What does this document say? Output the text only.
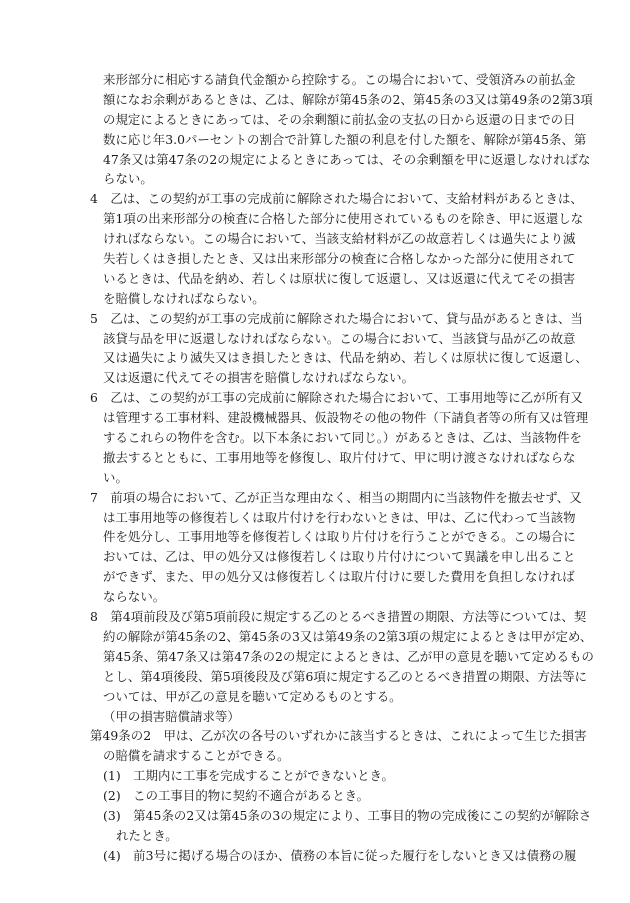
来形部分に相応する請負代金額から控除する。この場合において、受領済みの前払金
額になお余剰があるときは、乙は、解除が第45条の2、第45条の3又は第49条の2第3項
の規定によるときにあっては、その余剰額に前払金の支払の日から返還の日までの日
数に応じ年3.0パーセントの割合で計算した額の利息を付した額を、解除が第45条、第
47条又は第47条の2の規定によるときにあっては、その余剰額を甲に返還しなければな
らない。
4　乙は、この契約が工事の完成前に解除された場合において、支給材料があるときは、
第1項の出来形部分の検査に合格した部分に使用されているものを除き、甲に返還しな
ければならない。この場合において、当該支給材料が乙の故意若しくは過失により滅
失若しくはき損したとき、又は出来形部分の検査に合格しなかった部分に使用されて
いるときは、代品を納め、若しくは原状に復して返還し、又は返還に代えてその損害
を賠償しなければならない。
5　乙は、この契約が工事の完成前に解除された場合において、貸与品があるときは、当
該貸与品を甲に返還しなければならない。この場合において、当該貸与品が乙の故意
又は過失により滅失又はき損したときは、代品を納め、若しくは原状に復して返還し、
又は返還に代えてその損害を賠償しなければならない。
6　乙は、この契約が工事の完成前に解除された場合において、工事用地等に乙が所有又
は管理する工事材料、建設機械器具、仮設物その他の物件（下請負者等の所有又は管理
するこれらの物件を含む。以下本条において同じ。）があるときは、乙は、当該物件を
撤去するとともに、工事用地等を修復し、取片付けて、甲に明け渡さなければならな
い。
7　前項の場合において、乙が正当な理由なく、相当の期間内に当該物件を撤去せず、又
は工事用地等の修復若しくは取片付けを行わないときは、甲は、乙に代わって当該物
件を処分し、工事用地等を修復若しくは取り片付けを行うことができる。この場合に
おいては、乙は、甲の処分又は修復若しくは取り片付けについて異議を申し出ること
ができず、また、甲の処分又は修復若しくは取片付けに要した費用を負担しなければ
ならない。
8　第4項前段及び第5項前段に規定する乙のとるべき措置の期限、方法等については、契
約の解除が第45条の2、第45条の3又は第49条の2第3項の規定によるときは甲が定め、
第45条、第47条又は第47条の2の規定によるときは、乙が甲の意見を聴いて定めるもの
とし、第4項後段、第5項後段及び第6項に規定する乙のとるべき措置の期限、方法等に
ついては、甲が乙の意見を聴いて定めるものとする。
（甲の損害賠償請求等）
第49条の2　甲は、乙が次の各号のいずれかに該当するときは、これによって生じた損害
の賠償を請求することができる。
(1)　工期内に工事を完成することができないとき。
(2)　この工事目的物に契約不適合があるとき。
(3)　第45条の2又は第45条の3の規定により、工事目的物の完成後にこの契約が解除さ
れたとき。
(4)　前3号に掲げる場合のほか、債務の本旨に従った履行をしないとき又は債務の履
